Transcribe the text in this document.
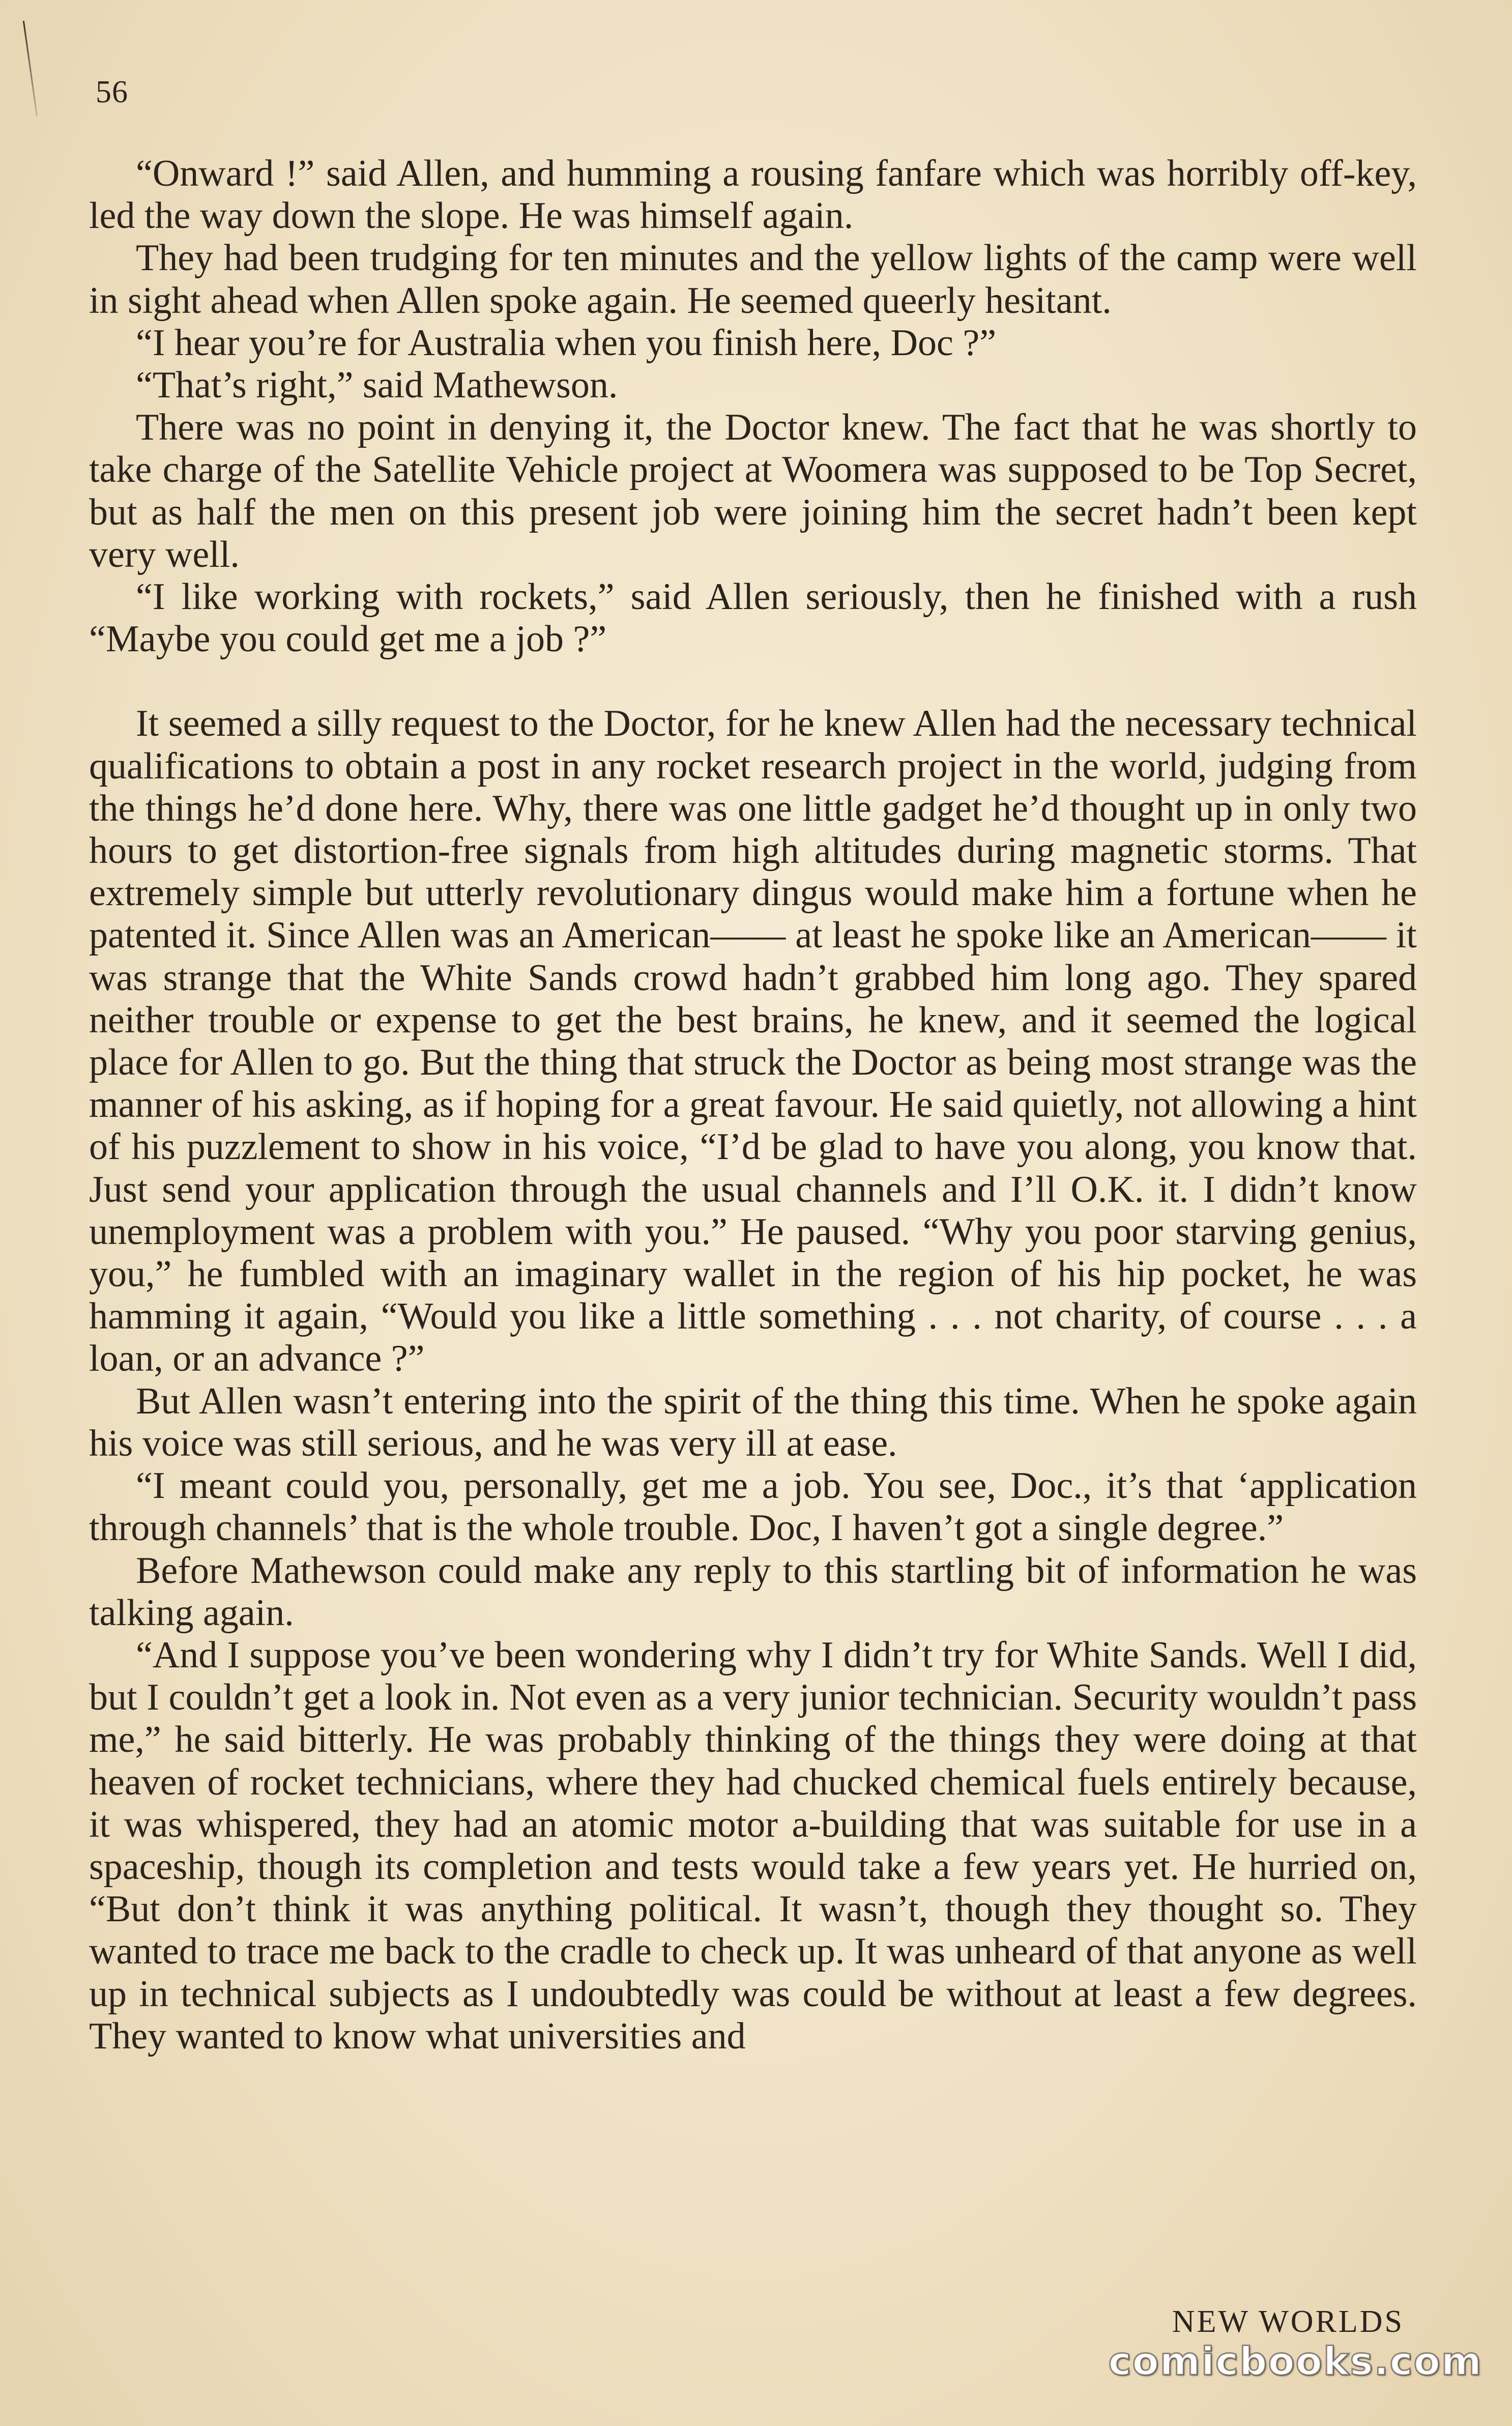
56

“Onward !” said Allen, and humming a rousing fanfare which was horribly off-key, led the way down the slope. He was himself again.

They had been trudging for ten minutes and the yellow lights of the camp were well in sight ahead when Allen spoke again. He seemed queerly hesitant.

“I hear you’re for Australia when you finish here, Doc ?”

“That’s right,” said Mathewson.

There was no point in denying it, the Doctor knew. The fact that he was shortly to take charge of the Satellite Vehicle project at Woomera was supposed to be Top Secret, but as half the men on this present job were joining him the secret hadn’t been kept very well.

“I like working with rockets,” said Allen seriously, then he finished with a rush “Maybe you could get me a job ?”

It seemed a silly request to the Doctor, for he knew Allen had the necessary technical qualifications to obtain a post in any rocket research project in the world, judging from the things he’d done here. Why, there was one little gadget he’d thought up in only two hours to get distortion-free signals from high altitudes during magnetic storms. That extremely simple but utterly revolutionary dingus would make him a fortune when he patented it. Since Allen was an American—— at least he spoke like an American—— it was strange that the White Sands crowd hadn’t grabbed him long ago. They spared neither trouble or expense to get the best brains, he knew, and it seemed the logical place for Allen to go. But the thing that struck the Doctor as being most strange was the manner of his asking, as if hoping for a great favour. He said quietly, not allowing a hint of his puzzlement to show in his voice, “I’d be glad to have you along, you know that. Just send your application through the usual channels and I’ll O.K. it. I didn’t know unemployment was a problem with you.” He paused. “Why you poor starving genius, you,” he fumbled with an imaginary wallet in the region of his hip pocket, he was hamming it again, “Would you like a little something . . . not charity, of course . . . a loan, or an advance ?”

But Allen wasn’t entering into the spirit of the thing this time. When he spoke again his voice was still serious, and he was very ill at ease.

“I meant could you, personally, get me a job. You see, Doc., it’s that ‘application through channels’ that is the whole trouble. Doc, I haven’t got a single degree.”

Before Mathewson could make any reply to this startling bit of information he was talking again.

“And I suppose you’ve been wondering why I didn’t try for White Sands. Well I did, but I couldn’t get a look in. Not even as a very junior technician. Security wouldn’t pass me,” he said bitterly. He was probably thinking of the things they were doing at that heaven of rocket technicians, where they had chucked chemical fuels entirely because, it was whispered, they had an atomic motor a-building that was suitable for use in a spaceship, though its completion and tests would take a few years yet. He hurried on, “But don’t think it was anything political. It wasn’t, though they thought so. They wanted to trace me back to the cradle to check up. It was unheard of that anyone as well up in technical subjects as I undoubtedly was could be without at least a few degrees. They wanted to know what universities and

NEW WORLDS
comicbooks.com
